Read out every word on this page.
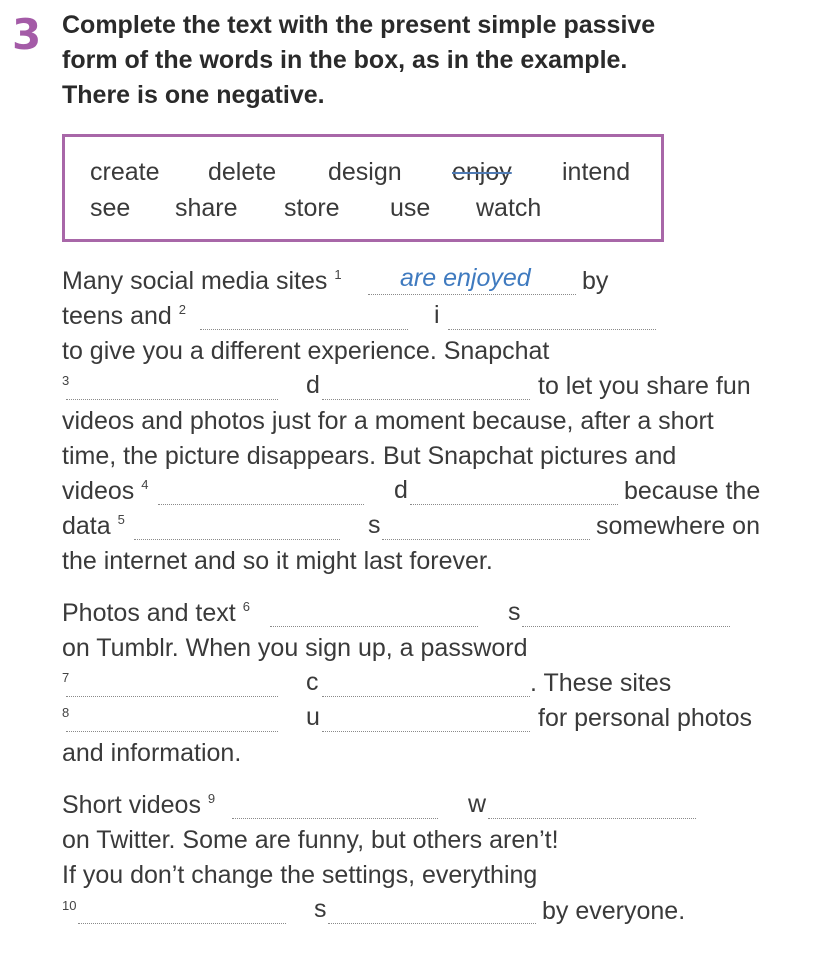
3 Complete the text with the present simple passive
form of the words in the box, as in the example.
There is one negative.
create delete design enjoy intend
see share store use watch
Many social media sites $^1$ are enjoyed by
teens and $^2$	i
to give you a different experience. Snapchat
3	d	to let you share fun
videos and photos just for a moment because, after a short
time, the picture disappears. But Snapchat pictures and
videos $^4$	d	because the
data $^5$	s	somewhere on
the internet and so it might last forever.
Photos and text $^6$	s
on Tumblr. When you sign up, a password
7	c	. These sites
8	u	for personal photos
and information.
Short videos $^9$	w
on Twitter. Some are funny, but others aren’t!
If you don’t change the settings, everything
10	s	by everyone.
